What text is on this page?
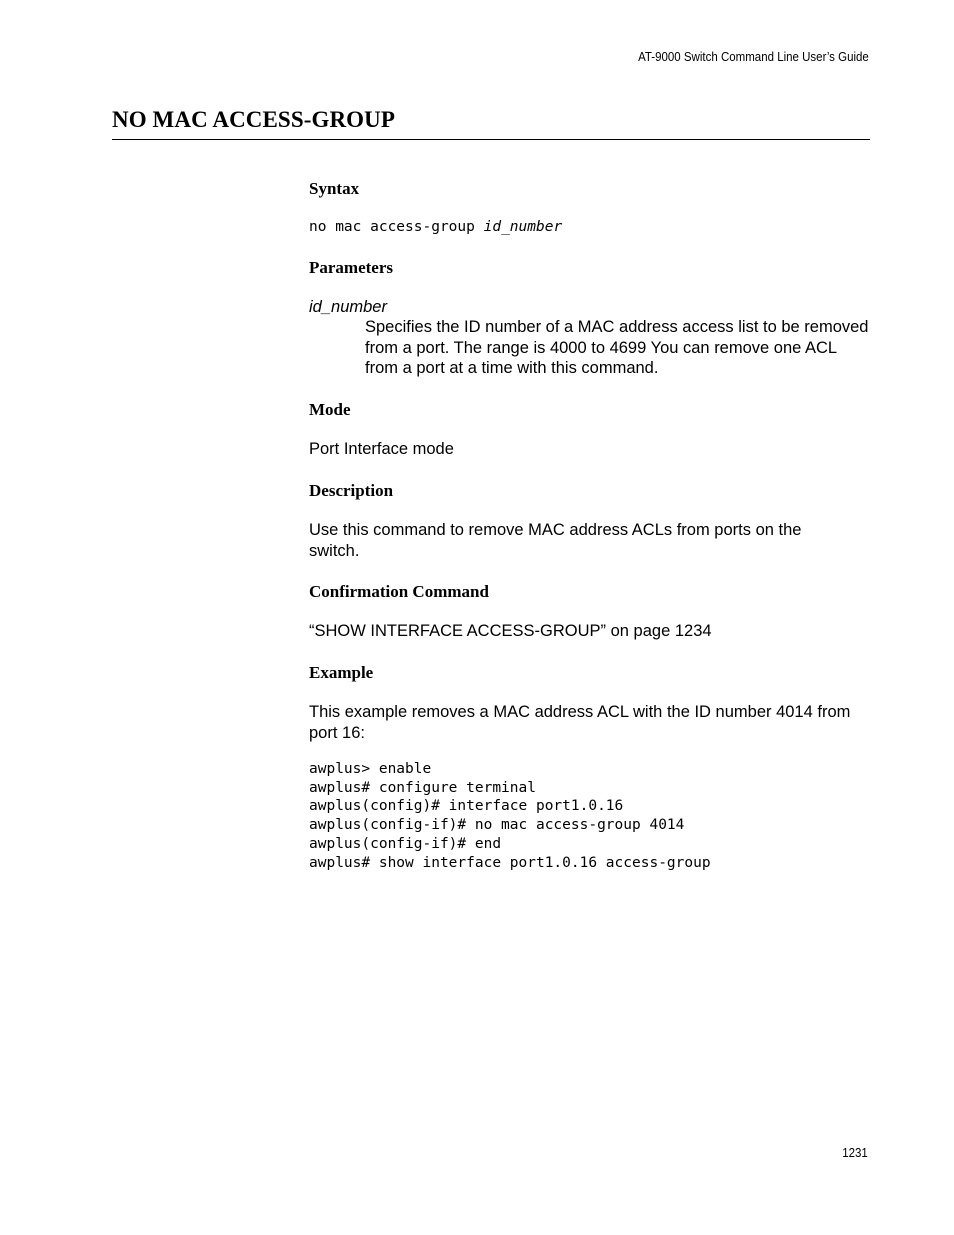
AT-9000 Switch Command Line User’s Guide
NO MAC ACCESS-GROUP
Syntax
no mac access-group id_number
Parameters

id_number

Specifies the ID number of a MAC address access list to be removed from a port. The range is 4000 to 4699 You can remove one ACL from a port at a time with this command.

Mode

Port Interface mode

Description

Use this command to remove MAC address ACLs from ports on the switch.

Confirmation Command

“SHOW INTERFACE ACCESS-GROUP” on page 1234

Example

This example removes a MAC address ACL with the ID number 4014 from port 16:

awplus> enable
awplus# configure terminal
awplus(config)# interface port1.0.16
awplus(config-if)# no mac access-group 4014
awplus(config-if)# end
awplus# show interface port1.0.16 access-group
1231
